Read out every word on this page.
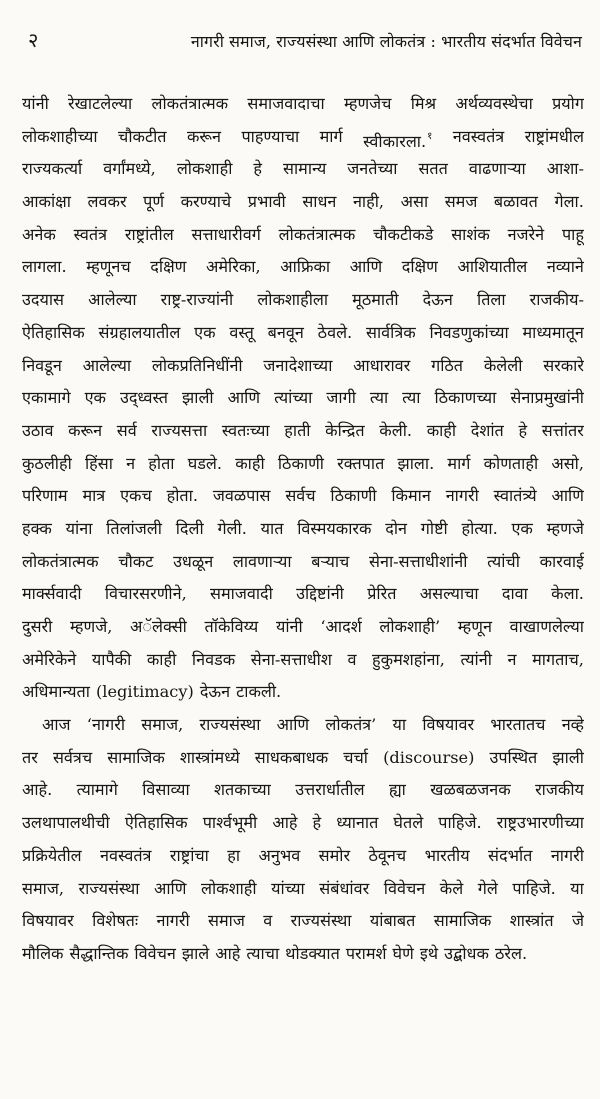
२	नागरी समाज, राज्यसंस्था आणि लोकतंत्र : भारतीय संदर्भात विवेचन
यांनी रेखाटलेल्या लोकतंत्रात्मक समाजवादाचा म्हणजेच मिश्र अर्थव्यवस्थेचा प्रयोग
लोकशाहीच्या चौकटीत करून पाहण्याचा मार्ग स्वीकारला.$^१$ नवस्वतंत्र राष्ट्रांमधील
राज्यकर्त्या वर्गांमध्ये, लोकशाही हे सामान्य जनतेच्या सतत वाढणाऱ्या आशा-
आकांक्षा लवकर पूर्ण करण्याचे प्रभावी साधन नाही, असा समज बळावत गेला.
अनेक स्वतंत्र राष्ट्रांतील सत्ताधारीवर्ग लोकतंत्रात्मक चौकटीकडे साशंक नजरेने पाहू
लागला. म्हणूनच दक्षिण अमेरिका, आफ्रिका आणि दक्षिण आशियातील नव्याने
उदयास आलेल्या राष्ट्र-राज्यांनी लोकशाहीला मूठमाती देऊन तिला राजकीय-
ऐतिहासिक संग्रहालयातील एक वस्तू बनवून ठेवले. सार्वत्रिक निवडणुकांच्या माध्यमातून
निवडून आलेल्या लोकप्रतिनिधींनी जनादेशाच्या आधारावर गठित केलेली सरकारे
एकामागे एक उद्ध्वस्त झाली आणि त्यांच्या जागी त्या त्या ठिकाणच्या सेनाप्रमुखांनी
उठाव करून सर्व राज्यसत्ता स्वतःच्या हाती केन्द्रित केली. काही देशांत हे सत्तांतर
कुठलीही हिंसा न होता घडले. काही ठिकाणी रक्तपात झाला. मार्ग कोणताही असो,
परिणाम मात्र एकच होता. जवळपास सर्वच ठिकाणी किमान नागरी स्वातंत्र्ये आणि
हक्क यांना तिलांजली दिली गेली. यात विस्मयकारक दोन गोष्टी होत्या. एक म्हणजे
लोकतंत्रात्मक चौकट उधळून लावणाऱ्या बऱ्याच सेना-सत्ताधीशांनी त्यांची कारवाई
मार्क्सवादी विचारसरणीने, समाजवादी उद्दिष्टांनी प्रेरित असल्याचा दावा केला.
दुसरी म्हणजे, अॅलेक्सी तॉकेविय्य यांनी ‘आदर्श लोकशाही’ म्हणून वाखाणलेल्या
अमेरिकेने यापैकी काही निवडक सेना-सत्ताधीश व हुकुमशहांना, त्यांनी न मागताच,
अधिमान्यता (legitimacy) देऊन टाकली.
आज ‘नागरी समाज, राज्यसंस्था आणि लोकतंत्र’ या विषयावर भारतातच नव्हे
तर सर्वत्रच सामाजिक शास्त्रांमध्ये साधकबाधक चर्चा (discourse) उपस्थित झाली
आहे. त्यामागे विसाव्या शतकाच्या उत्तरार्धातील ह्या खळबळजनक राजकीय
उलथापालथीची ऐतिहासिक पार्श्वभूमी आहे हे ध्यानात घेतले पाहिजे. राष्ट्रउभारणीच्या
प्रक्रियेतील नवस्वतंत्र राष्ट्रांचा हा अनुभव समोर ठेवूनच भारतीय संदर्भात नागरी
समाज, राज्यसंस्था आणि लोकशाही यांच्या संबंधांवर विवेचन केले गेले पाहिजे. या
विषयावर विशेषतः नागरी समाज व राज्यसंस्था यांबाबत सामाजिक शास्त्रांत जे
मौलिक सैद्धान्तिक विवेचन झाले आहे त्याचा थोडक्यात परामर्श घेणे इथे उद्बोधक ठरेल.
